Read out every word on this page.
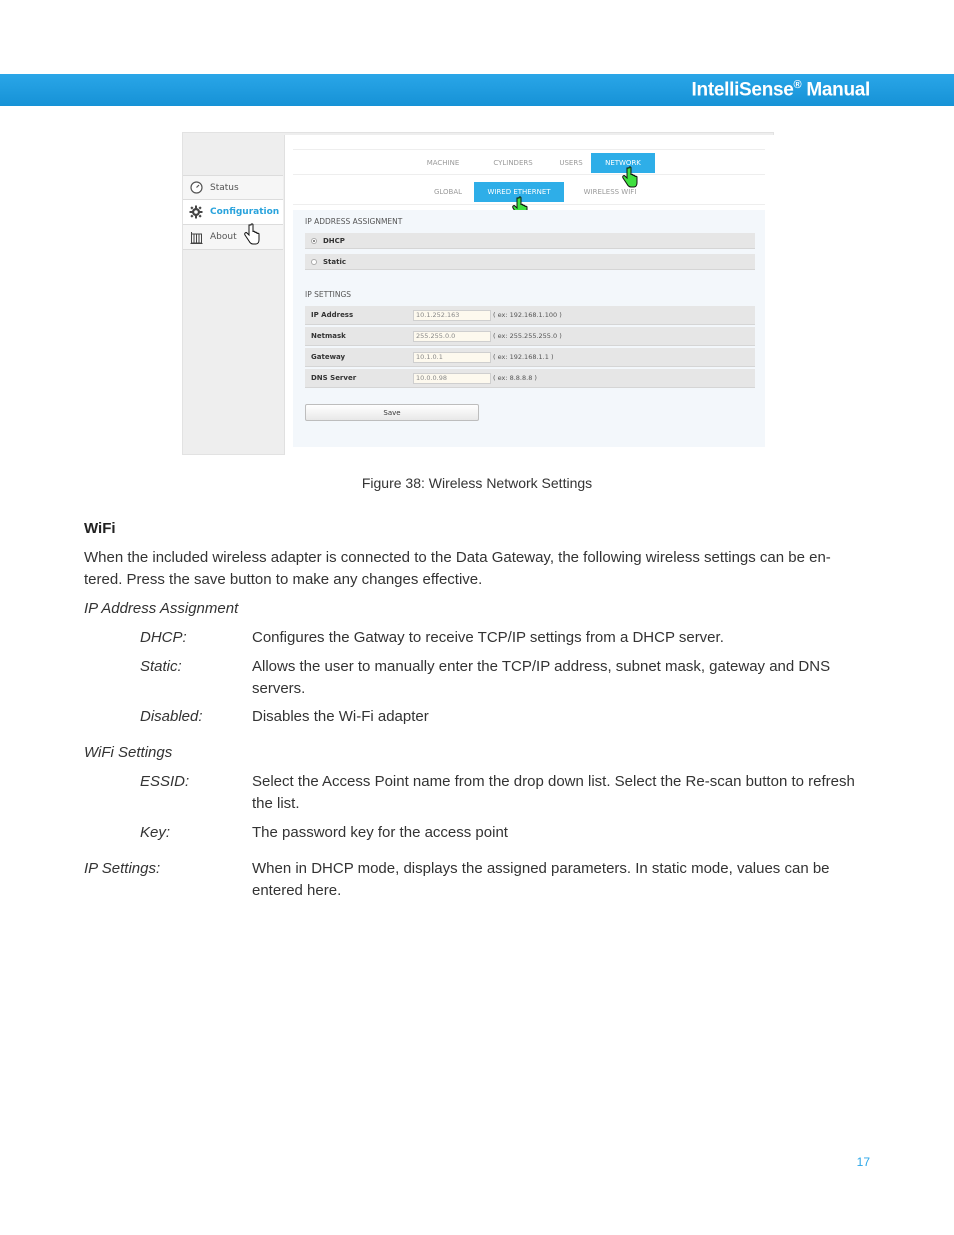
IntelliSense® Manual
Status
Configuration
About
MACHINE	CYLINDERS	USERS	NETWORK
GLOBAL	WIRED ETHERNET	WIRELESS WIFI
IP ADDRESS ASSIGNMENT
DHCP
Static
IP SETTINGS
IP Address	10.1.252.163	( ex: 192.168.1.100 )
Netmask	255.255.0.0	( ex: 255.255.255.0 )
Gateway	10.1.0.1	( ex: 192.168.1.1 )
DNS Server	10.0.0.98	( ex: 8.8.8.8 )
Save
Figure 38: Wireless Network Settings
WiFi
When the included wireless adapter is connected to the Data Gateway, the following wireless settings can be en-
tered. Press the save button to make any changes effective.
IP Address Assignment
DHCP:	Configures the Gatway to receive TCP/IP settings from a DHCP server.
Static:	Allows the user to manually enter the TCP/IP address, subnet mask, gateway and DNS
servers.
Disabled:	Disables the Wi-Fi adapter
WiFi Settings
ESSID:	Select the Access Point name from the drop down list. Select the Re-scan button to refresh
the list.
Key:	The password key for the access point
IP Settings:	When in DHCP mode, displays the assigned parameters. In static mode, values can be
entered here.
17
